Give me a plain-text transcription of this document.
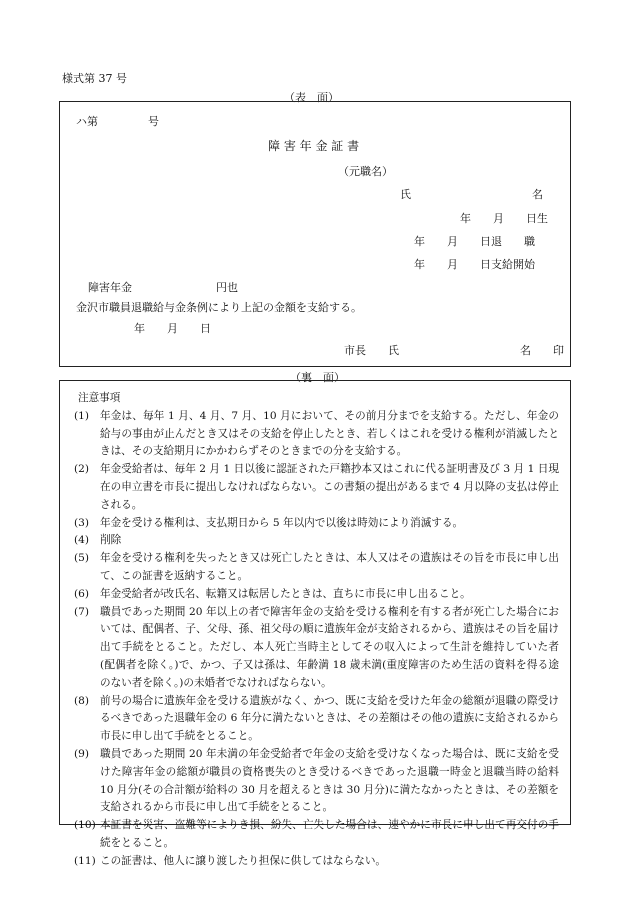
様式第 37 号
（表　面）
ハ第	号
障 害 年 金 証 書
（元職名）
氏	名
年　　月　　日生
年　　月　　日退　　職
年　　月　　日支給開始
障害年金	円也
金沢市職員退職給与金条例により上記の金額を支給する。
年　　月　　日
市長　　氏	名　　印
（裏　面）
注意事項
(1)	年金は、毎年 1 月、4 月、7 月、10 月において、その前月分までを支給する。ただし、年金の給与の事由が止んだとき又はその支給を停止したとき、若しくはこれを受ける権利が消滅したときは、その支給期月にかかわらずそのときまでの分を支給する。
(2)	年金受給者は、毎年 2 月 1 日以後に認証された戸籍抄本又はこれに代る証明書及び 3 月 1 日現在の申立書を市長に提出しなければならない。この書類の提出があるまで 4 月以降の支払は停止される。
(3)	年金を受ける権利は、支払期日から 5 年以内で以後は時効により消滅する。
(4)	削除
(5)	年金を受ける権利を失ったとき又は死亡したときは、本人又はその遺族はその旨を市長に申し出て、この証書を返納すること。
(6)	年金受給者が改氏名、転籍又は転居したときは、直ちに市長に申し出ること。
(7)	職員であった期間 20 年以上の者で障害年金の支給を受ける権利を有する者が死亡した場合においては、配偶者、子、父母、孫、祖父母の順に遺族年金が支給されるから、遺族はその旨を届け出て手続をとること。ただし、本人死亡当時主としてその収入によって生計を維持していた者(配偶者を除く。)で、かつ、子又は孫は、年齢満 18 歳未満(重度障害のため生活の資料を得る途のない者を除く。)の未婚者でなければならない。
(8)	前号の場合に遺族年金を受ける遺族がなく、かつ、既に支給を受けた年金の総額が退職の際受けるべきであった退職年金の 6 年分に満たないときは、その差額はその他の遺族に支給されるから市長に申し出て手続をとること。
(9)	職員であった期間 20 年未満の年金受給者で年金の支給を受けなくなった場合は、既に支給を受けた障害年金の総額が職員の資格喪失のとき受けるべきであった退職一時金と退職当時の給料 10 月分(その合計額が給料の 30 月を超えるときは 30 月分)に満たなかったときは、その差額を支給されるから市長に申し出て手続をとること。
(10) 本証書を災害、盗難等によりき損、紛失、亡失した場合は、速やかに市長に申し出て再交付の手続をとること。
(11) この証書は、他人に譲り渡したり担保に供してはならない。
